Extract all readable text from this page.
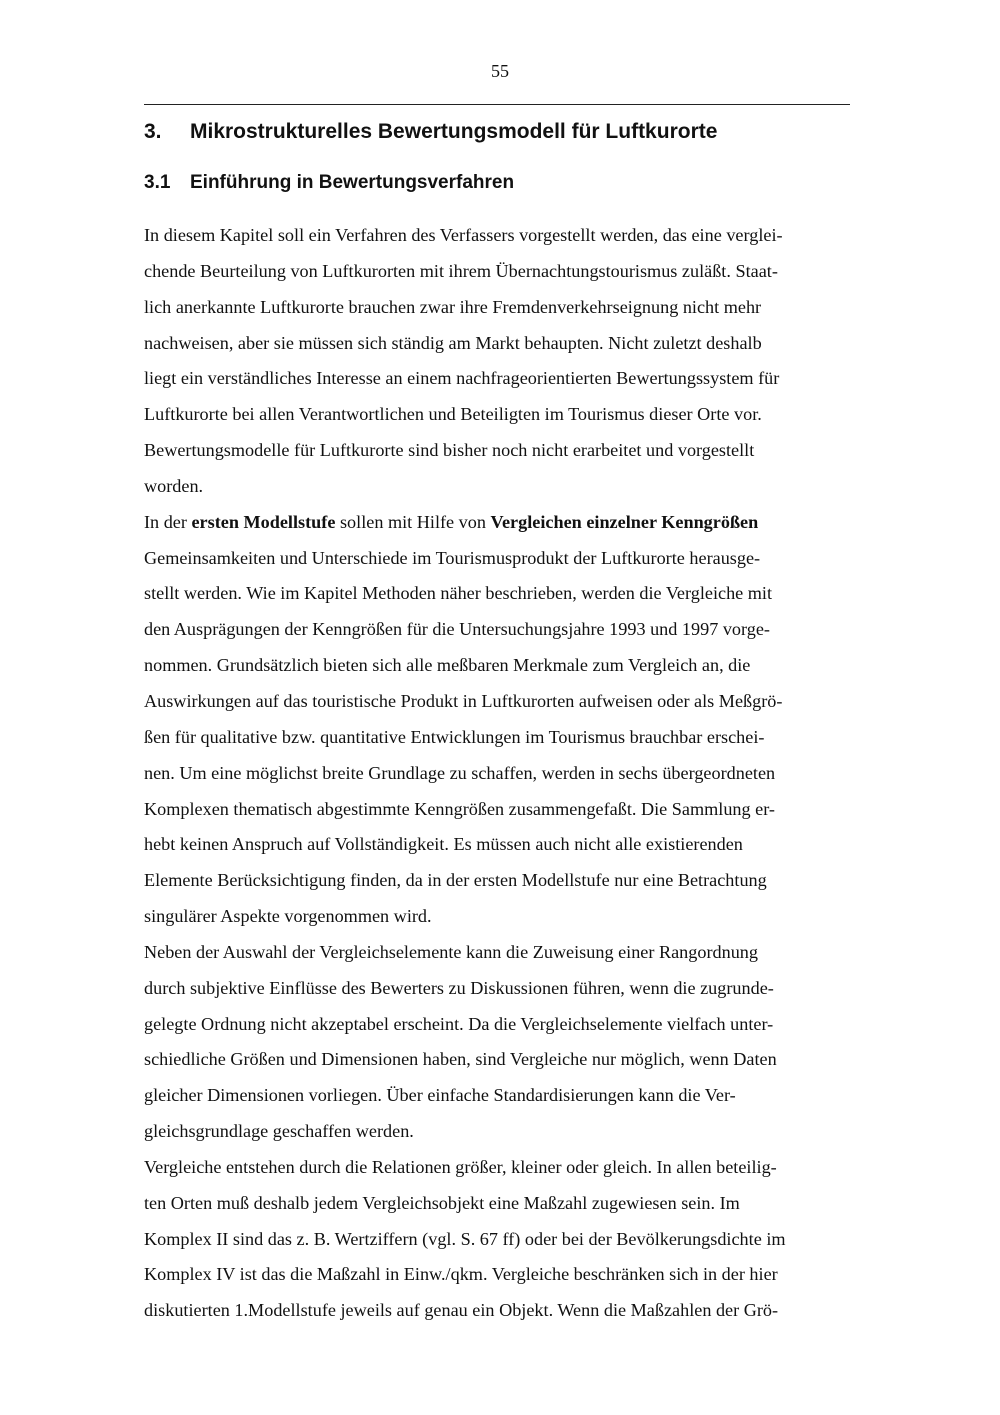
55
3. Mikrostrukturelles Bewertungsmodell für Luftkurorte
3.1 Einführung in Bewertungsverfahren
In diesem Kapitel soll ein Verfahren des Verfassers vorgestellt werden, das eine verglei-
chende Beurteilung von Luftkurorten mit ihrem Übernachtungstourismus zuläßt. Staat-
lich anerkannte Luftkurorte brauchen zwar ihre Fremdenverkehrseignung nicht mehr
nachweisen, aber sie müssen sich ständig am Markt behaupten. Nicht zuletzt deshalb
liegt ein verständliches Interesse an einem nachfrageorientierten Bewertungssystem für
Luftkurorte bei allen Verantwortlichen und Beteiligten im Tourismus dieser Orte vor.
Bewertungsmodelle für Luftkurorte sind bisher noch nicht erarbeitet und vorgestellt
worden.
In der ersten Modellstufe sollen mit Hilfe von Vergleichen einzelner Kenngrößen
Gemeinsamkeiten und Unterschiede im Tourismusprodukt der Luftkurorte herausge-
stellt werden. Wie im Kapitel Methoden näher beschrieben, werden die Vergleiche mit
den Ausprägungen der Kenngrößen für die Untersuchungsjahre 1993 und 1997 vorge-
nommen. Grundsätzlich bieten sich alle meßbaren Merkmale zum Vergleich an, die
Auswirkungen auf das touristische Produkt in Luftkurorten aufweisen oder als Meßgrö-
ßen für qualitative bzw. quantitative Entwicklungen im Tourismus brauchbar erschei-
nen. Um eine möglichst breite Grundlage zu schaffen, werden in sechs übergeordneten
Komplexen thematisch abgestimmte Kenngrößen zusammengefaßt. Die Sammlung er-
hebt keinen Anspruch auf Vollständigkeit. Es müssen auch nicht alle existierenden
Elemente Berücksichtigung finden, da in der ersten Modellstufe nur eine Betrachtung
singulärer Aspekte vorgenommen wird.
Neben der Auswahl der Vergleichselemente kann die Zuweisung einer Rangordnung
durch subjektive Einflüsse des Bewerters zu Diskussionen führen, wenn die zugrunde-
gelegte Ordnung nicht akzeptabel erscheint. Da die Vergleichselemente vielfach unter-
schiedliche Größen und Dimensionen haben, sind Vergleiche nur möglich, wenn Daten
gleicher Dimensionen vorliegen. Über einfache Standardisierungen kann die Ver-
gleichsgrundlage geschaffen werden.
Vergleiche entstehen durch die Relationen größer, kleiner oder gleich. In allen beteilig-
ten Orten muß deshalb jedem Vergleichsobjekt eine Maßzahl zugewiesen sein. Im
Komplex II sind das z. B. Wertziffern (vgl. S. 67 ff) oder bei der Bevölkerungsdichte im
Komplex IV ist das die Maßzahl in Einw./qkm. Vergleiche beschränken sich in der hier
diskutierten 1.Modellstufe jeweils auf genau ein Objekt. Wenn die Maßzahlen der Grö-
